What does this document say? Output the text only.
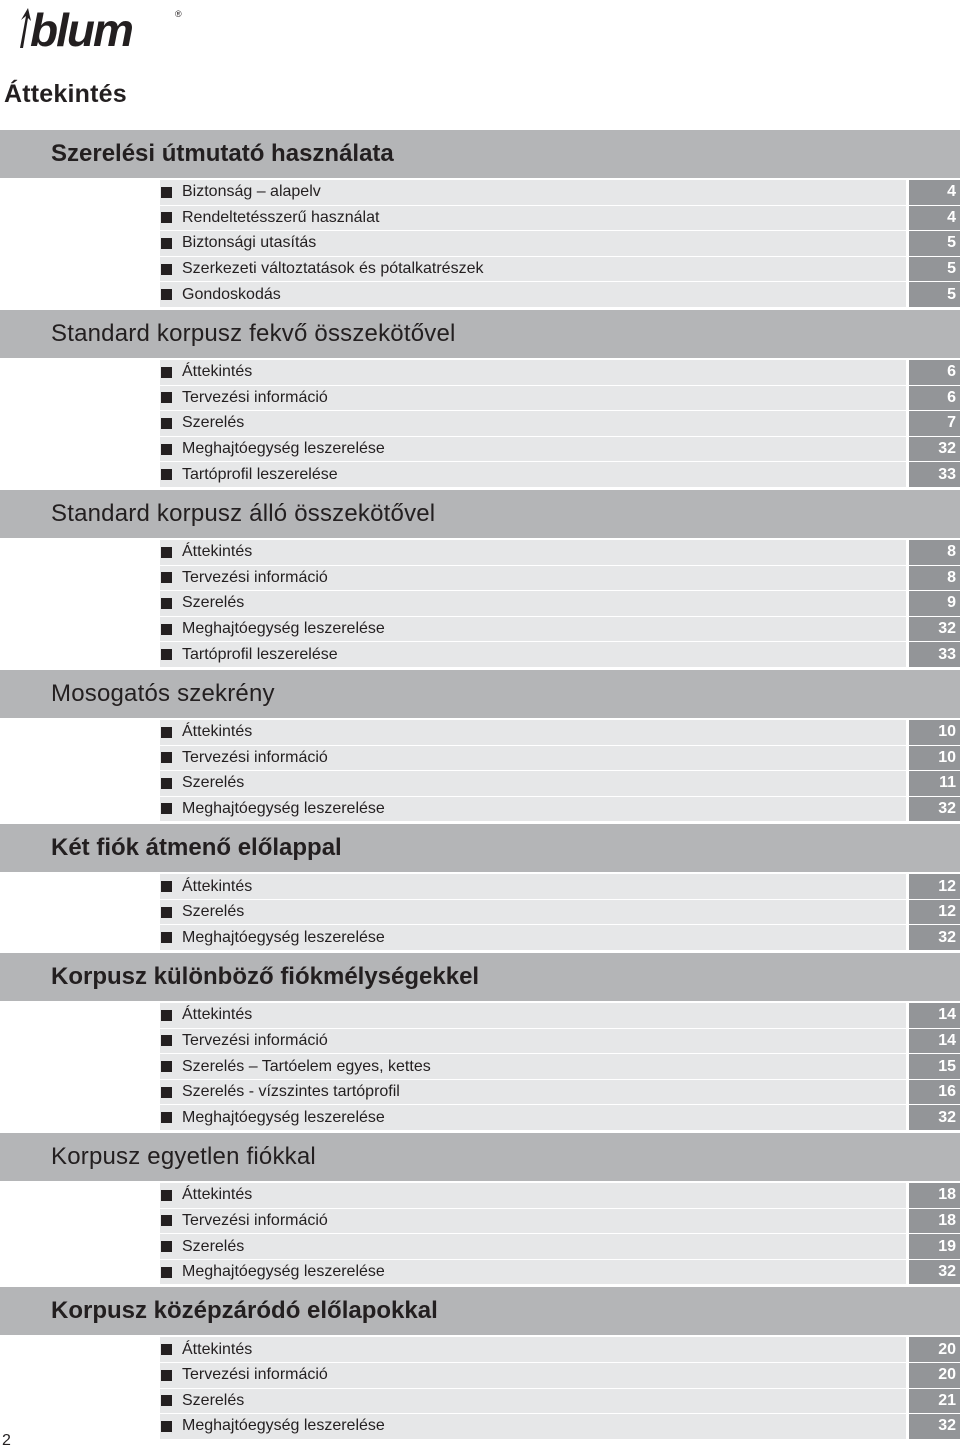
blum	®
Áttekintés
Szerelési útmutató használata
Biztonság – alapelv	4
Rendeltetésszerű használat	4
Biztonsági utasítás	5
Szerkezeti változtatások és pótalkatrészek	5
Gondoskodás	5
Standard korpusz fekvő összekötővel
Áttekintés	6
Tervezési információ	6
Szerelés	7
Meghajtóegység leszerelése	32
Tartóprofil leszerelése	33
Standard korpusz álló összekötővel
Áttekintés	8
Tervezési információ	8
Szerelés	9
Meghajtóegység leszerelése	32
Tartóprofil leszerelése	33
Mosogatós szekrény
Áttekintés	10
Tervezési információ	10
Szerelés	11
Meghajtóegység leszerelése	32
Két fiók átmenő előlappal
Áttekintés	12
Szerelés	12
Meghajtóegység leszerelése	32
Korpusz különböző fiókmélységekkel
Áttekintés	14
Tervezési információ	14
Szerelés – Tartóelem egyes, kettes	15
Szerelés - vízszintes tartóprofil	16
Meghajtóegység leszerelése	32
Korpusz egyetlen fiókkal
Áttekintés	18
Tervezési információ	18
Szerelés	19
Meghajtóegység leszerelése	32
Korpusz középzáródó előlapokkal
Áttekintés	20
Tervezési információ	20
Szerelés	21
Meghajtóegység leszerelése	32
2
